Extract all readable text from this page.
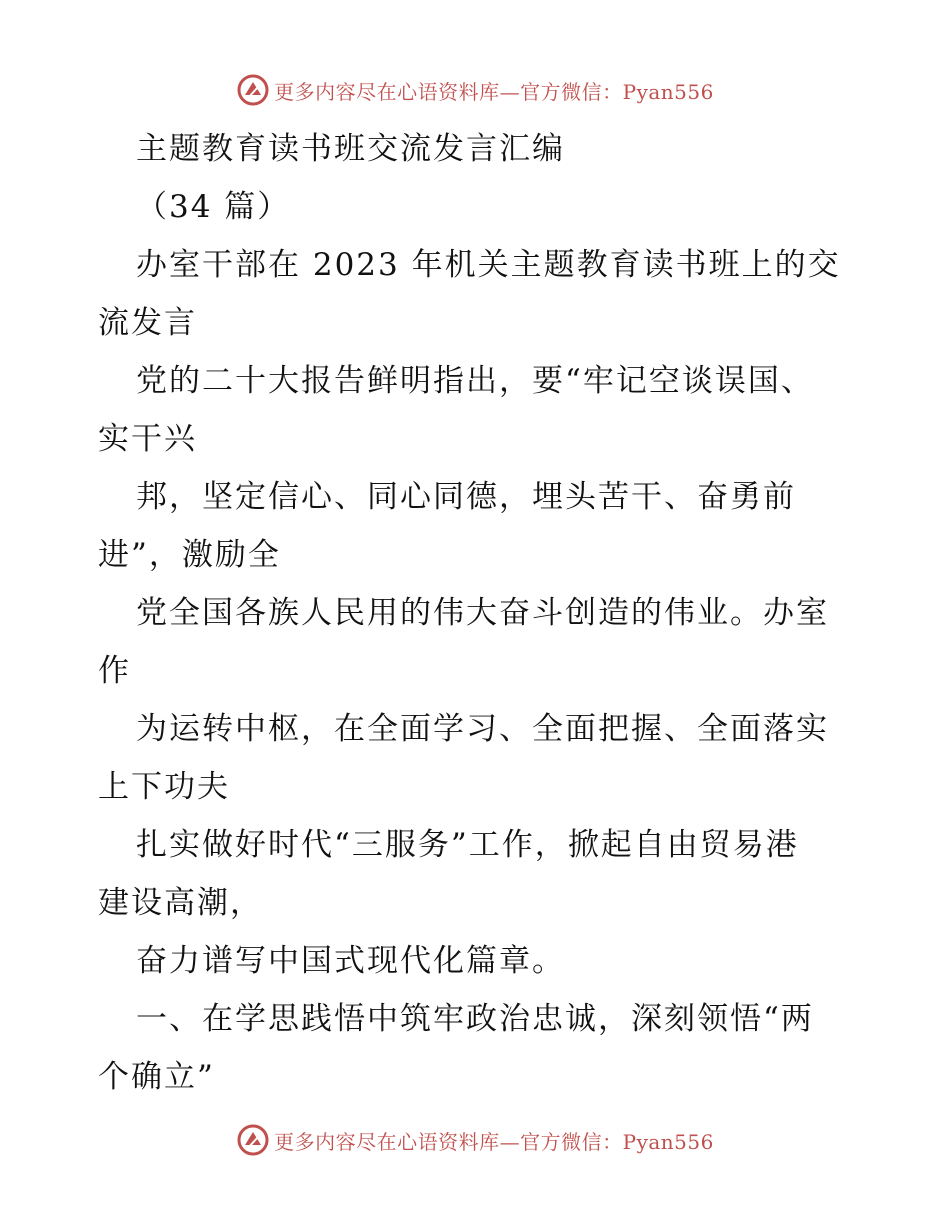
更多内容尽在心语资料库—官方微信：Pyan556
主题教育读书班交流发言汇编
（34 篇）
办室干部在 2023 年机关主题教育读书班上的交
流发言
党的二十大报告鲜明指出，要“牢记空谈误国、
实干兴
邦，坚定信心、同心同德，埋头苦干、奋勇前
进”，激励全
党全国各族人民用的伟大奋斗创造的伟业。办室
作
为运转中枢，在全面学习、全面把握、全面落实
上下功夫
扎实做好时代“三服务”工作，掀起自由贸易港
建设高潮，
奋力谱写中国式现代化篇章。
一、在学思践悟中筑牢政治忠诚，深刻领悟“两
个确立”
更多内容尽在心语资料库—官方微信：Pyan556
